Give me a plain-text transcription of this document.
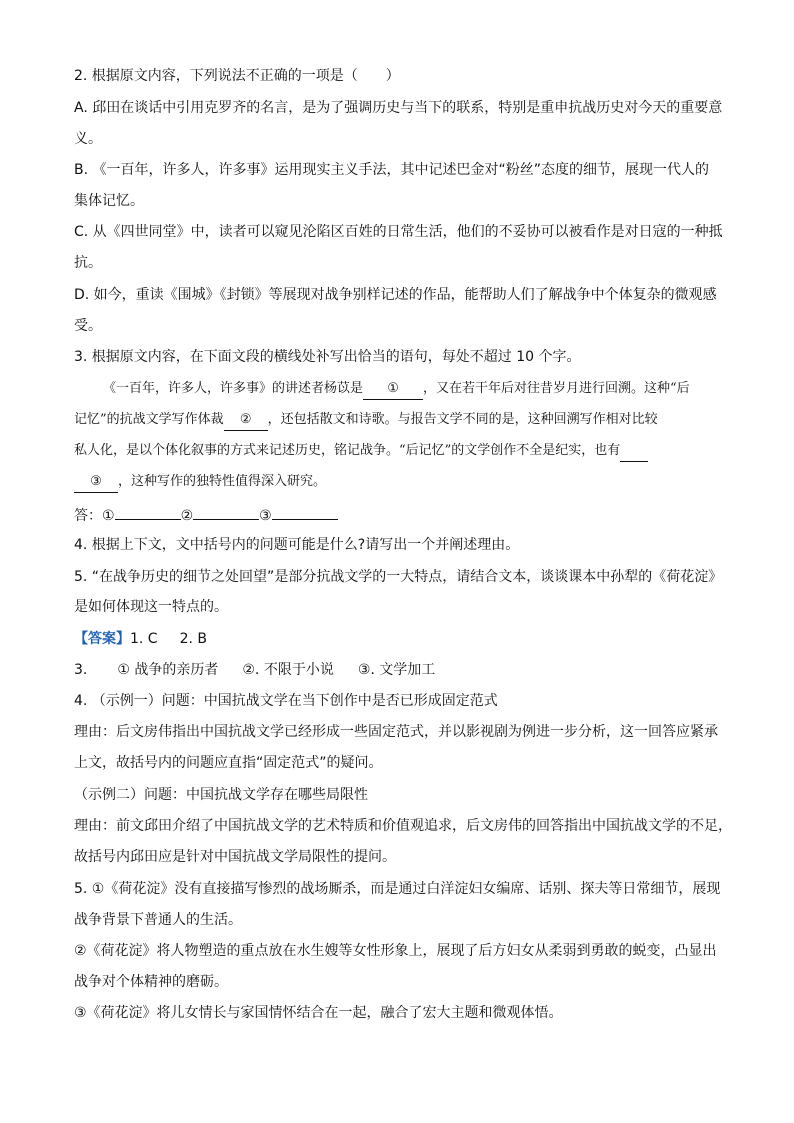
2. 根据原文内容，下列说法不正确的一项是（　　）
A. 邱田在谈话中引用克罗齐的名言，是为了强调历史与当下的联系，特别是重申抗战历史对今天的重要意
义。
B. 《一百年，许多人，许多事》运用现实主义手法，其中记述巴金对“粉丝”态度的细节，展现一代人的
集体记忆。
C. 从《四世同堂》中，读者可以窥见沦陷区百姓的日常生活，他们的不妥协可以被看作是对日寇的一种抵
抗。
D. 如今，重读《围城》《封锁》等展现对战争别样记述的作品，能帮助人们了解战争中个体复杂的微观感
受。
3. 根据原文内容，在下面文段的横线处补写出恰当的语句，每处不超过 10 个字。
《一百年，许多人，许多事》的讲述者杨苡是 ① ，又在若干年后对往昔岁月进行回溯。这种“后
记忆”的抗战文学写作体裁 ② ，还包括散文和诗歌。与报告文学不同的是，这种回溯写作相对比较
私人化，是以个体化叙事的方式来记述历史，铭记战争。“后记忆”的文学创作不全是纪实，也有
③ ，这种写作的独特性值得深入研究。
答：①	②	③
4. 根据上下文，文中括号内的问题可能是什么?请写出一个并阐述理由。
5. “在战争历史的细节之处回望”是部分抗战文学的一大特点，请结合文本，谈谈课本中孙犁的《荷花淀》
是如何体现这一特点的。
【答案】1. C 2. B
3. ① 战争的亲历者 ②. 不限于小说 ③. 文学加工
4. （示例一）问题：中国抗战文学在当下创作中是否已形成固定范式
理由：后文房伟指出中国抗战文学已经形成一些固定范式，并以影视剧为例进一步分析，这一回答应紧承
上文，故括号内的问题应直指“固定范式”的疑问。
（示例二）问题：中国抗战文学存在哪些局限性
理由：前文邱田介绍了中国抗战文学的艺术特质和价值观追求，后文房伟的回答指出中国抗战文学的不足，
故括号内邱田应是针对中国抗战文学局限性的提问。
5. ①《荷花淀》没有直接描写惨烈的战场厮杀，而是通过白洋淀妇女编席、话别、探夫等日常细节，展现
战争背景下普通人的生活。
②《荷花淀》将人物塑造的重点放在水生嫂等女性形象上，展现了后方妇女从柔弱到勇敢的蜕变，凸显出
战争对个体精神的磨砺。
③《荷花淀》将儿女情长与家国情怀结合在一起，融合了宏大主题和微观体悟。
